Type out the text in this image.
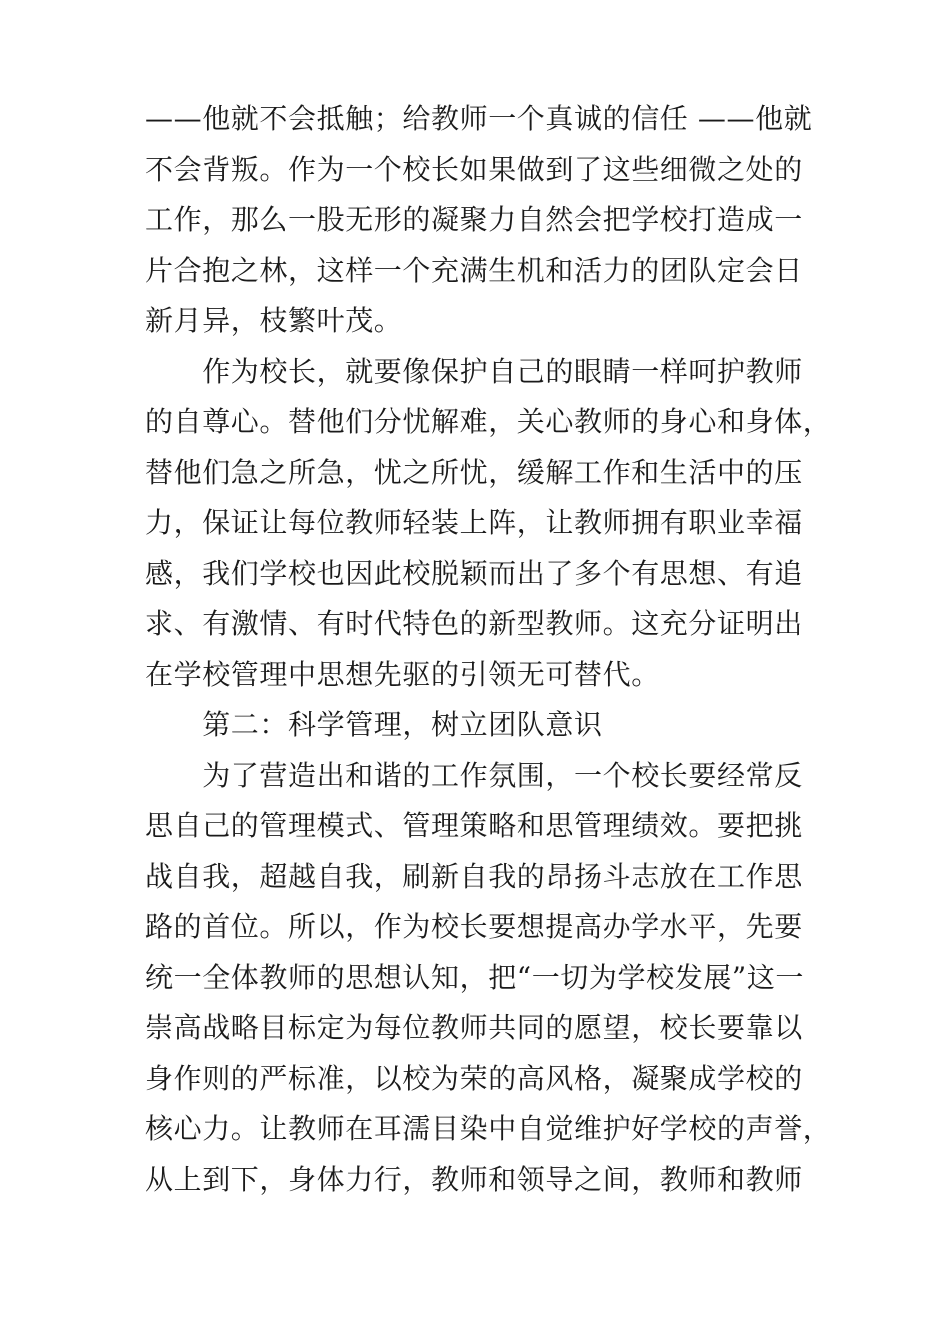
——他就不会抵触；给教师一个真诚的信任 ——他就
不会背叛。作为一个校长如果做到了这些细微之处的
工作，那么一股无形的凝聚力自然会把学校打造成一
片合抱之林，这样一个充满生机和活力的团队定会日
新月异，枝繁叶茂。
　　作为校长，就要像保护自己的眼睛一样呵护教师
的自尊心。替他们分忧解难，关心教师的身心和身体，
替他们急之所急，忧之所忧，缓解工作和生活中的压
力，保证让每位教师轻装上阵，让教师拥有职业幸福
感，我们学校也因此校脱颖而出了多个有思想、有追
求、有激情、有时代特色的新型教师。这充分证明出
在学校管理中思想先驱的引领无可替代。
　　第二：科学管理，树立团队意识
　　为了营造出和谐的工作氛围，一个校长要经常反
思自己的管理模式、管理策略和思管理绩效。要把挑
战自我，超越自我，刷新自我的昂扬斗志放在工作思
路的首位。所以，作为校长要想提高办学水平，先要
统一全体教师的思想认知，把“一切为学校发展”这一
崇高战略目标定为每位教师共同的愿望，校长要靠以
身作则的严标准，以校为荣的高风格，凝聚成学校的
核心力。让教师在耳濡目染中自觉维护好学校的声誉，
从上到下，身体力行，教师和领导之间，教师和教师
